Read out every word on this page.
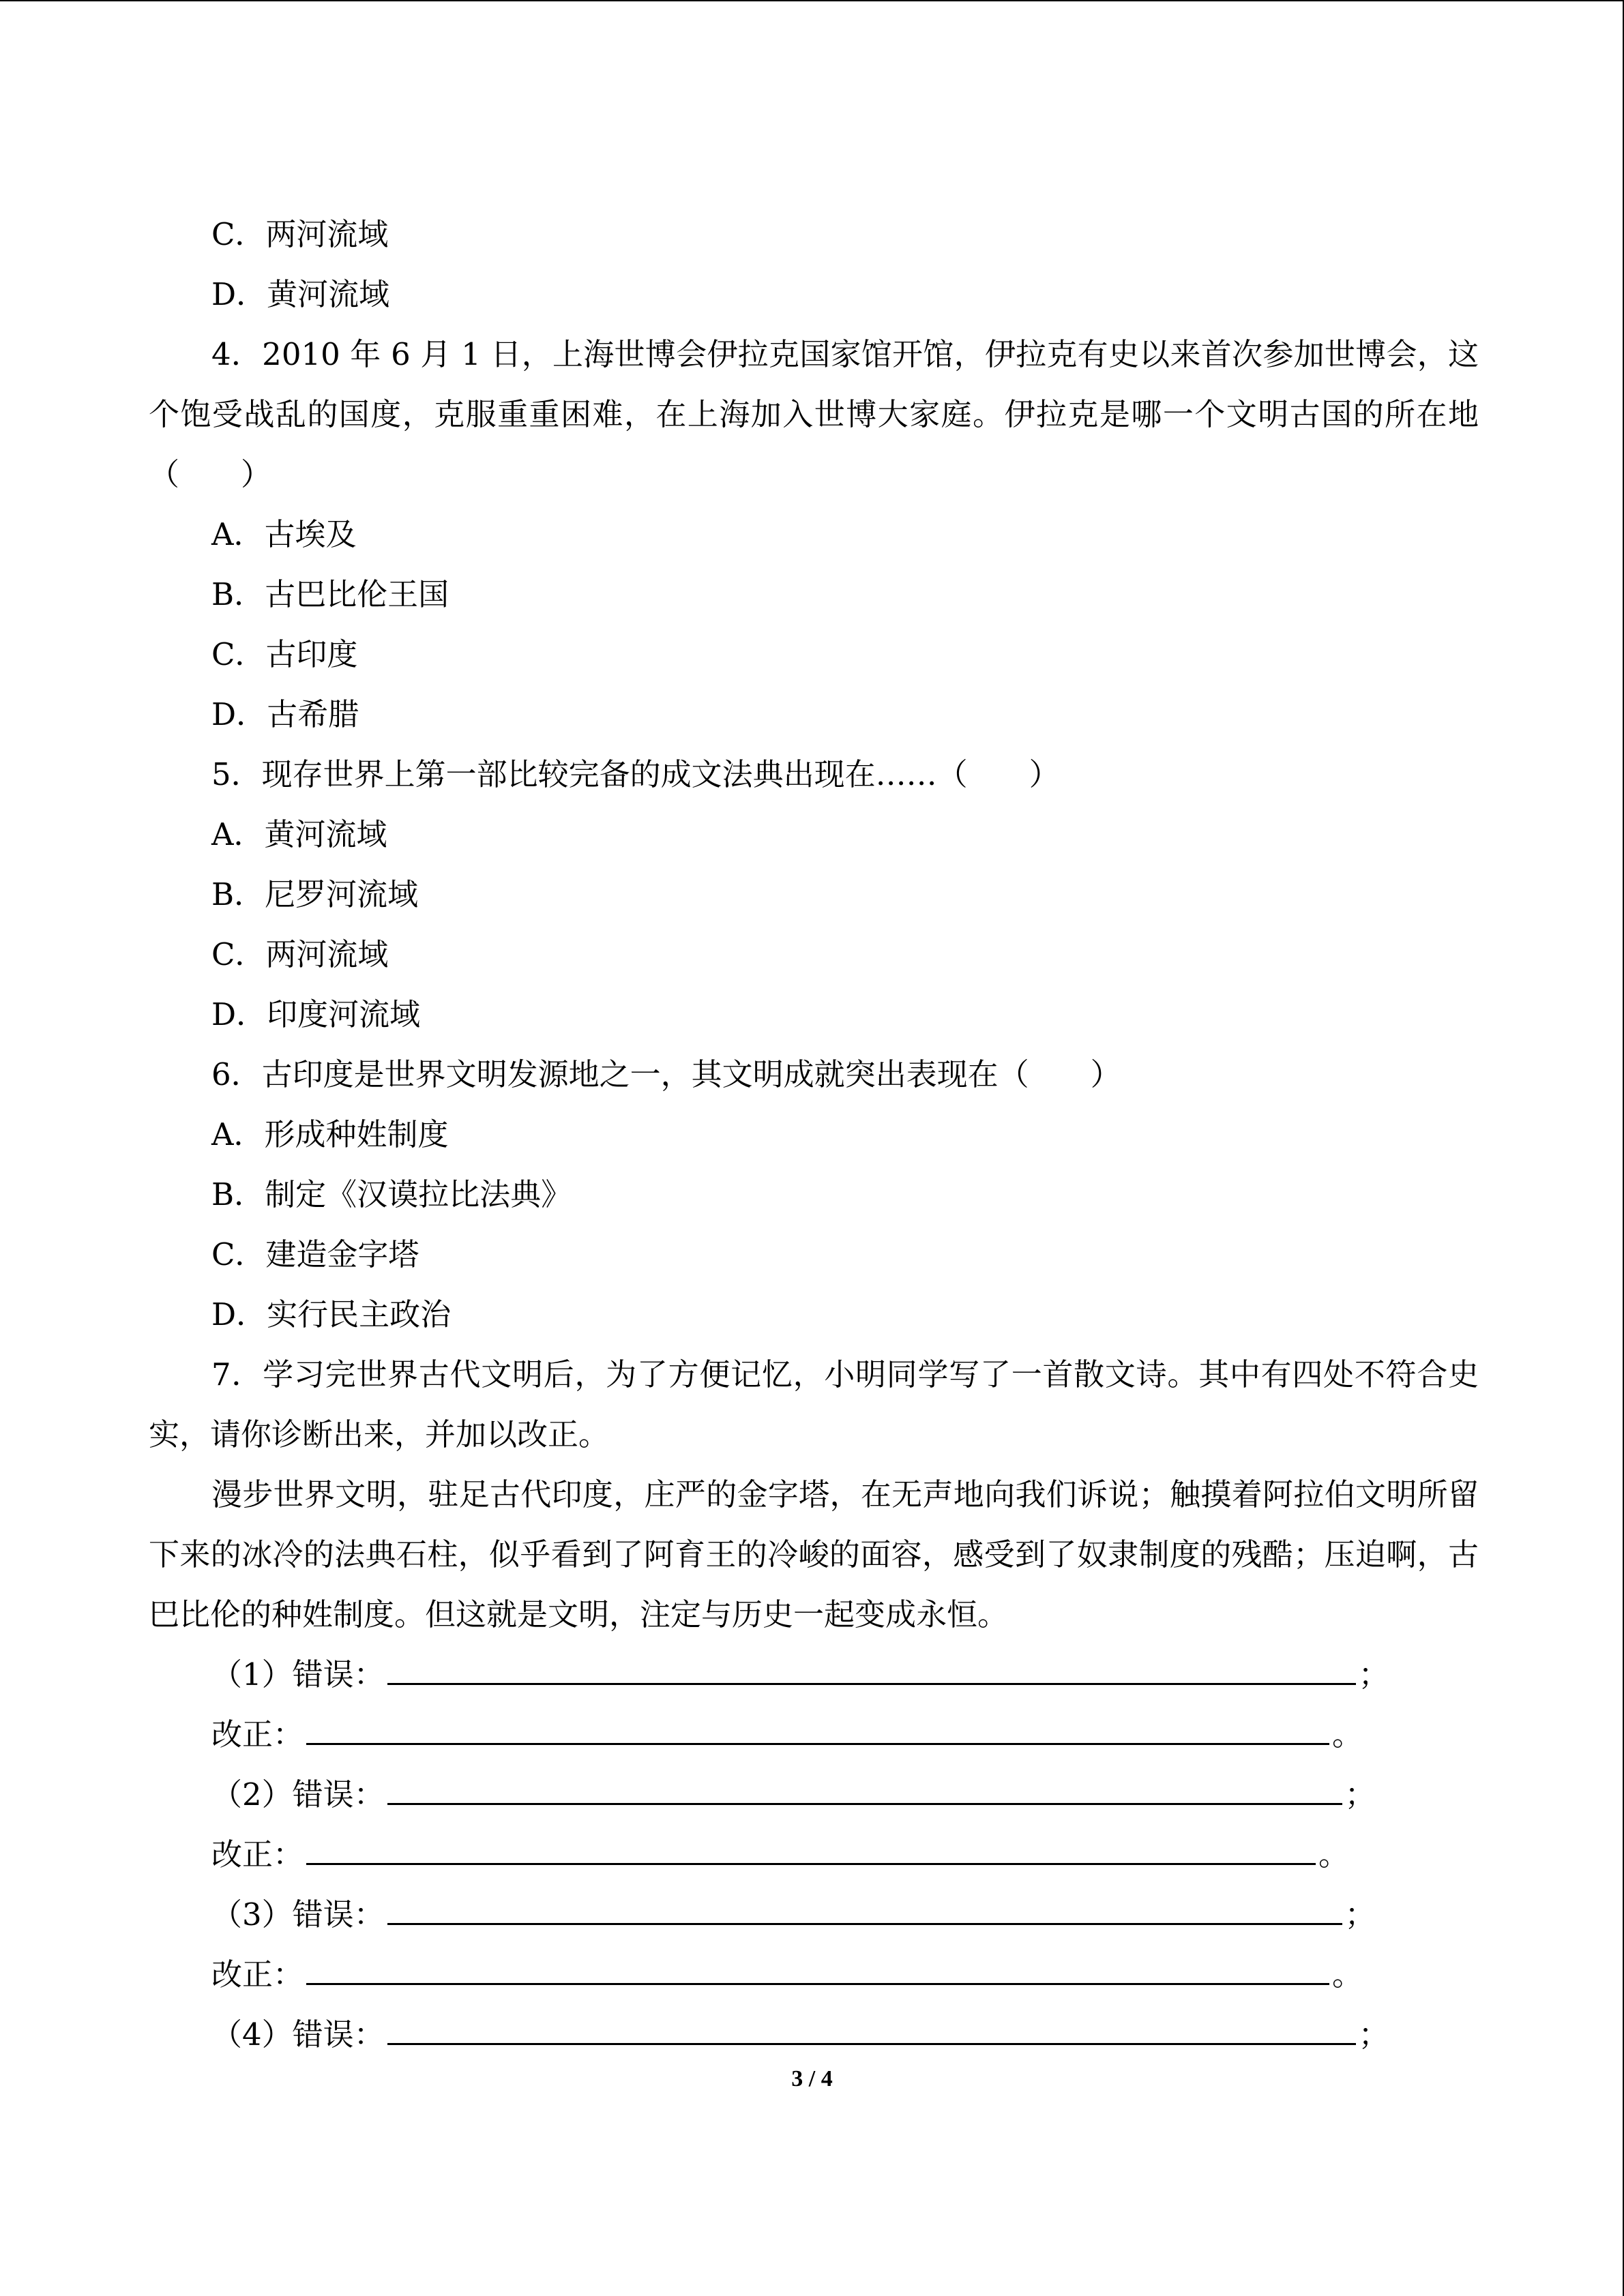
C．两河流域
D．黄河流域
4．2010 年 6 月 1 日，上海世博会伊拉克国家馆开馆，伊拉克有史以来首次参加世博会，这个饱受战乱的国度，克服重重困难，在上海加入世博大家庭。伊拉克是哪一个文明古国的所在地（　　）
A．古埃及
B．古巴比伦王国
C．古印度
D．古希腊
5．现存世界上第一部比较完备的成文法典出现在……（　　）
A．黄河流域
B．尼罗河流域
C．两河流域
D．印度河流域
6．古印度是世界文明发源地之一，其文明成就突出表现在（　　）
A．形成种姓制度
B．制定《汉谟拉比法典》
C．建造金字塔
D．实行民主政治
7．学习完世界古代文明后，为了方便记忆，小明同学写了一首散文诗。其中有四处不符合史实，请你诊断出来，并加以改正。
漫步世界文明，驻足古代印度，庄严的金字塔，在无声地向我们诉说；触摸着阿拉伯文明所留下来的冰冷的法典石柱，似乎看到了阿育王的冷峻的面容，感受到了奴隶制度的残酷；压迫啊，古巴比伦的种姓制度。但这就是文明，注定与历史一起变成永恒。
（1）错误：	；
改正：	。
（2）错误：	；
改正：	。
（3）错误：	；
改正：	。
（4）错误：	；
3 / 4
